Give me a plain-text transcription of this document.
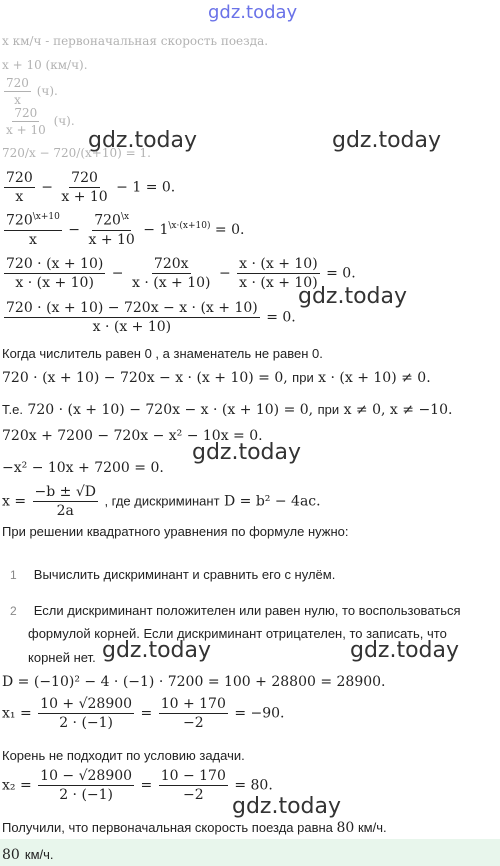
gdz.today
x км/ч - первоначальная скорость поезда.
x + 10 (км/ч).
$\frac{720}{x} (ч)$.
$\frac{720}{x + 10} (ч)$.
720/x − 720/(x+10) = 1.
gdz.today	gdz.today
$\frac{720}{x} - \frac{720}{x + 10} - 1 = 0$.
$\frac{720^{\backslash x+10}}{x} - \frac{720^{\backslash x}}{x + 10} - 1^{\backslash x\cdot(x+10)} = 0$.
$\frac{720 \cdot (x + 10)}{x \cdot (x + 10)} - \frac{720x}{x \cdot (x + 10)} - \frac{x \cdot (x + 10)}{x \cdot (x + 10)} = 0$.
gdz.today
$\frac{720 \cdot (x + 10) - 720x - x \cdot (x + 10)}{x \cdot (x + 10)} = 0$.
Когда числитель равен 0 , а знаменатель не равен 0.
720 · (x + 10) − 720x − x · (x + 10) = 0, при x · (x + 10) ≠ 0.
Т.е. 720 · (x + 10) − 720x − x · (x + 10) = 0, при x ≠ 0, x ≠ −10.
720x + 7200 − 720x − x² − 10x = 0.
gdz.today
−x² − 10x + 7200 = 0.
$x = \frac{-b \pm √D}{2a}$ , где дискриминант D = b² − 4ac.
При решении квадратного уравнения по формуле нужно:
1 Вычислить дискриминант и сравнить его с нулём.
2 Если дискриминант положителен или равен нулю, то воспользоваться
формулой корней. Если дискриминант отрицателен, то записать, что
корней нет. gdz.today	gdz.today
D = (−10)² − 4 · (−1) · 7200 = 100 + 28800 = 28900.
$x_1 = \frac{10 + √28900}{2 \cdot (-1)} = \frac{10 + 170}{-2} = -90$.
Корень не подходит по условию задачи.
$x_2 = \frac{10 - √28900}{2 \cdot (-1)} = \frac{10 - 170}{-2} = 80$.
gdz.today
Получили, что первоначальная скорость поезда равна 80 км/ч.
80 км/ч.
